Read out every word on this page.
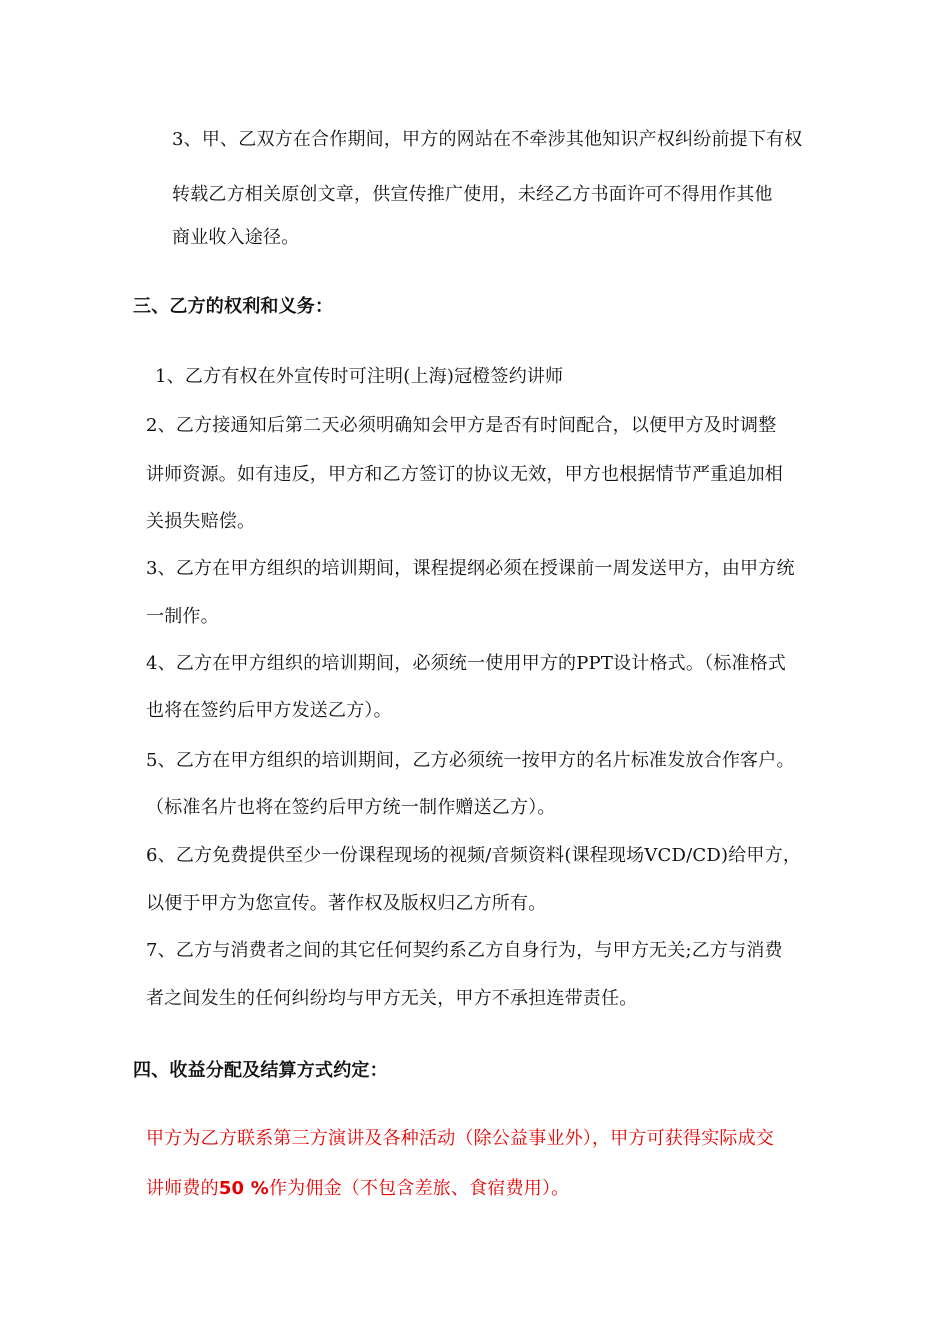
3、甲、乙双方在合作期间，甲方的网站在不牵涉其他知识产权纠纷前提下有权
转载乙方相关原创文章，供宣传推广使用，未经乙方书面许可不得用作其他
商业收入途径。
三、乙方的权利和义务：
1、乙方有权在外宣传时可注明(上海)冠橙签约讲师
2、乙方接通知后第二天必须明确知会甲方是否有时间配合，以便甲方及时调整
讲师资源。如有违反，甲方和乙方签订的协议无效，甲方也根据情节严重追加相
关损失赔偿。
3、乙方在甲方组织的培训期间，课程提纲必须在授课前一周发送甲方，由甲方统
一制作。
4、乙方在甲方组织的培训期间，必须统一使用甲方的PPT设计格式。（标准格式
也将在签约后甲方发送乙方）。
5、乙方在甲方组织的培训期间，乙方必须统一按甲方的名片标准发放合作客户。
（标准名片也将在签约后甲方统一制作赠送乙方）。
6、乙方免费提供至少一份课程现场的视频/音频资料(课程现场VCD/CD)给甲方，
以便于甲方为您宣传。著作权及版权归乙方所有。
7、乙方与消费者之间的其它任何契约系乙方自身行为，与甲方无关;乙方与消费
者之间发生的任何纠纷均与甲方无关，甲方不承担连带责任。
四、收益分配及结算方式约定：
甲方为乙方联系第三方演讲及各种活动（除公益事业外），甲方可获得实际成交
讲师费的50 %作为佣金（不包含差旅、食宿费用）。
